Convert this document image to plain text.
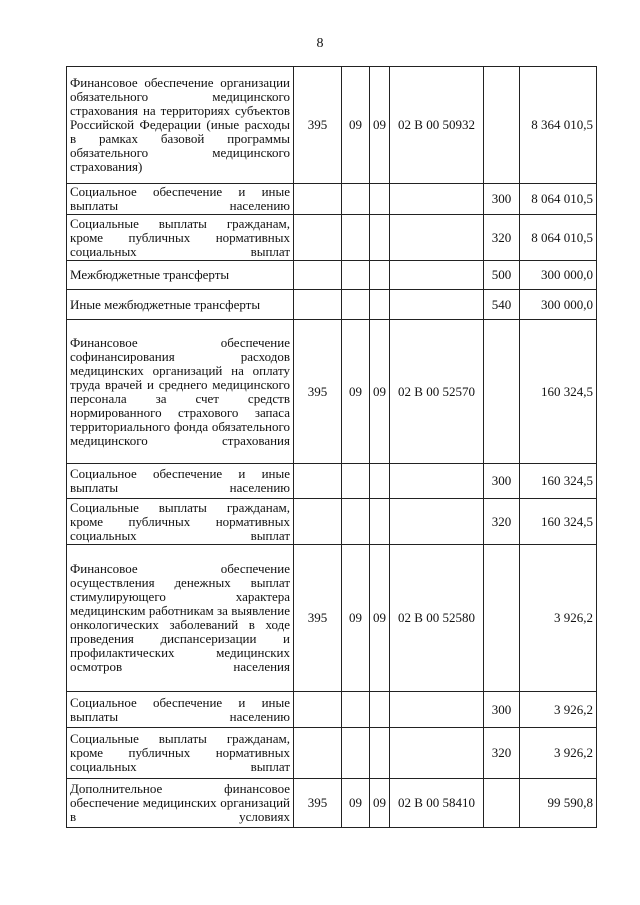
8
Финансовое обеспечение организации обязательного медицинского страхования на территориях субъектов Российской Федерации (иные расходы в рамках базовой программы обязательного медицинского страхования)	395	09	09	02 В 00 50932		8 364 010,5
Социальное обеспечение и иные выплаты населению					300	8 064 010,5
Социальные выплаты гражданам, кроме публичных нормативных социальных выплат					320	8 064 010,5
Межбюджетные трансферты					500	300 000,0
Иные межбюджетные трансферты					540	300 000,0
Финансовое обеспечение софинансирования расходов медицинских организаций на оплату труда врачей и среднего медицинского персонала за счет средств нормированного страхового запаса территориального фонда обязательного медицинского страхования	395	09	09	02 В 00 52570		160 324,5
Социальное обеспечение и иные выплаты населению					300	160 324,5
Социальные выплаты гражданам, кроме публичных нормативных социальных выплат					320	160 324,5
Финансовое обеспечение осуществления денежных выплат стимулирующего характера медицинским работникам за выявление онкологических заболеваний в ходе проведения диспансеризации и профилактических медицинских осмотров населения	395	09	09	02 В 00 52580		3 926,2
Социальное обеспечение и иные выплаты населению					300	3 926,2
Социальные выплаты гражданам, кроме публичных нормативных социальных выплат					320	3 926,2
Дополнительное финансовое обеспечение медицинских организаций в условиях	395	09	09	02 В 00 58410		99 590,8
